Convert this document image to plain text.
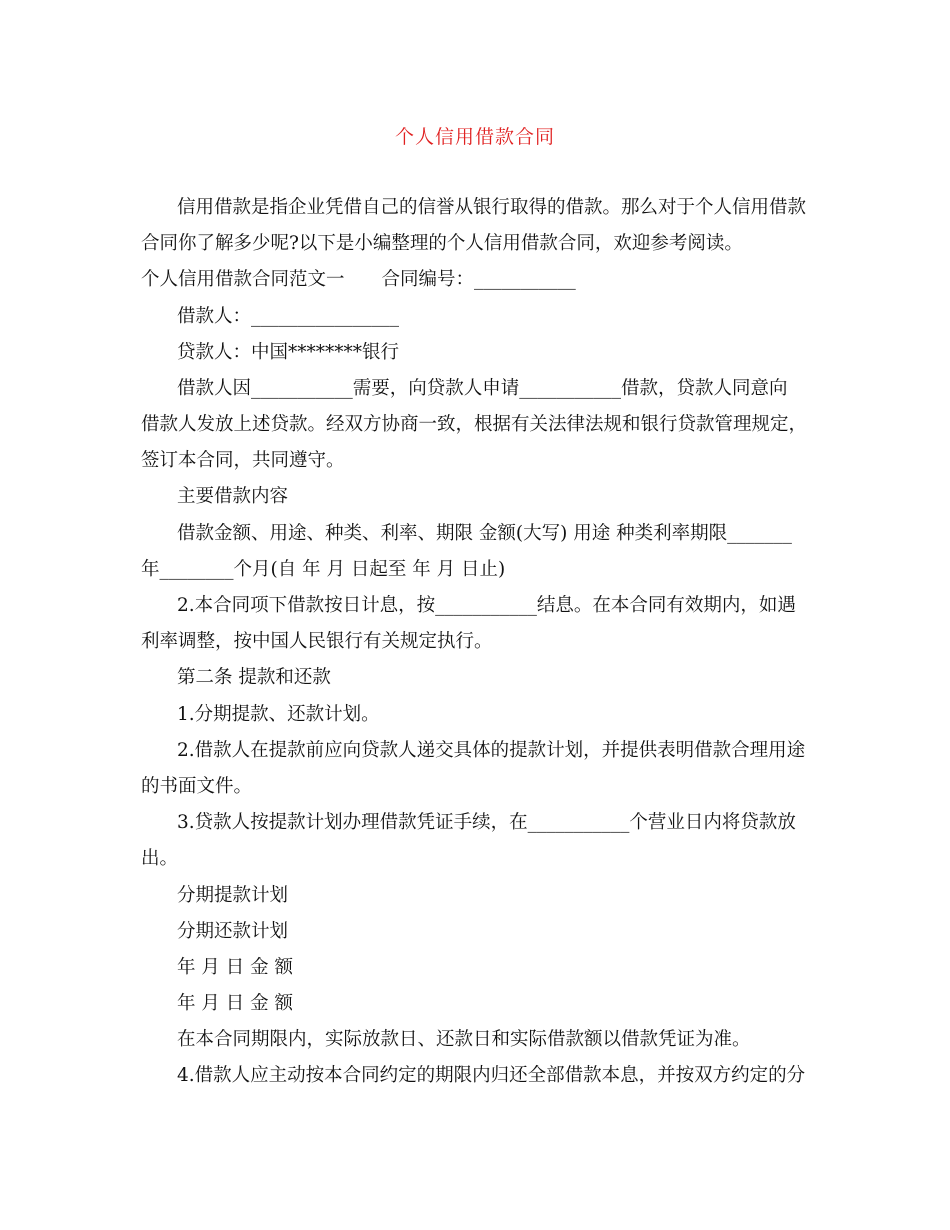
个人信用借款合同
信用借款是指企业凭借自己的信誉从银行取得的借款。那么对于个人信用借款
合同你了解多少呢?以下是小编整理的个人信用借款合同，欢迎参考阅读。
个人信用借款合同范文一　　合同编号：___________
借款人：________________
贷款人：中国********银行
借款人因___________需要，向贷款人申请___________借款，贷款人同意向
借款人发放上述贷款。经双方协商一致，根据有关法律法规和银行贷款管理规定，
签订本合同，共同遵守。
主要借款内容
借款金额、用途、种类、利率、期限 金额(大写) 用途 种类利率期限_______
年________个月(自 年 月 日起至 年 月 日止)
2.本合同项下借款按日计息，按___________结息。在本合同有效期内，如遇
利率调整，按中国人民银行有关规定执行。
第二条 提款和还款
1.分期提款、还款计划。
2.借款人在提款前应向贷款人递交具体的提款计划，并提供表明借款合理用途
的书面文件。
3.贷款人按提款计划办理借款凭证手续，在___________个营业日内将贷款放
出。
分期提款计划
分期还款计划
年 月 日 金 额
年 月 日 金 额
在本合同期限内，实际放款日、还款日和实际借款额以借款凭证为准。
4.借款人应主动按本合同约定的期限内归还全部借款本息，并按双方约定的分
